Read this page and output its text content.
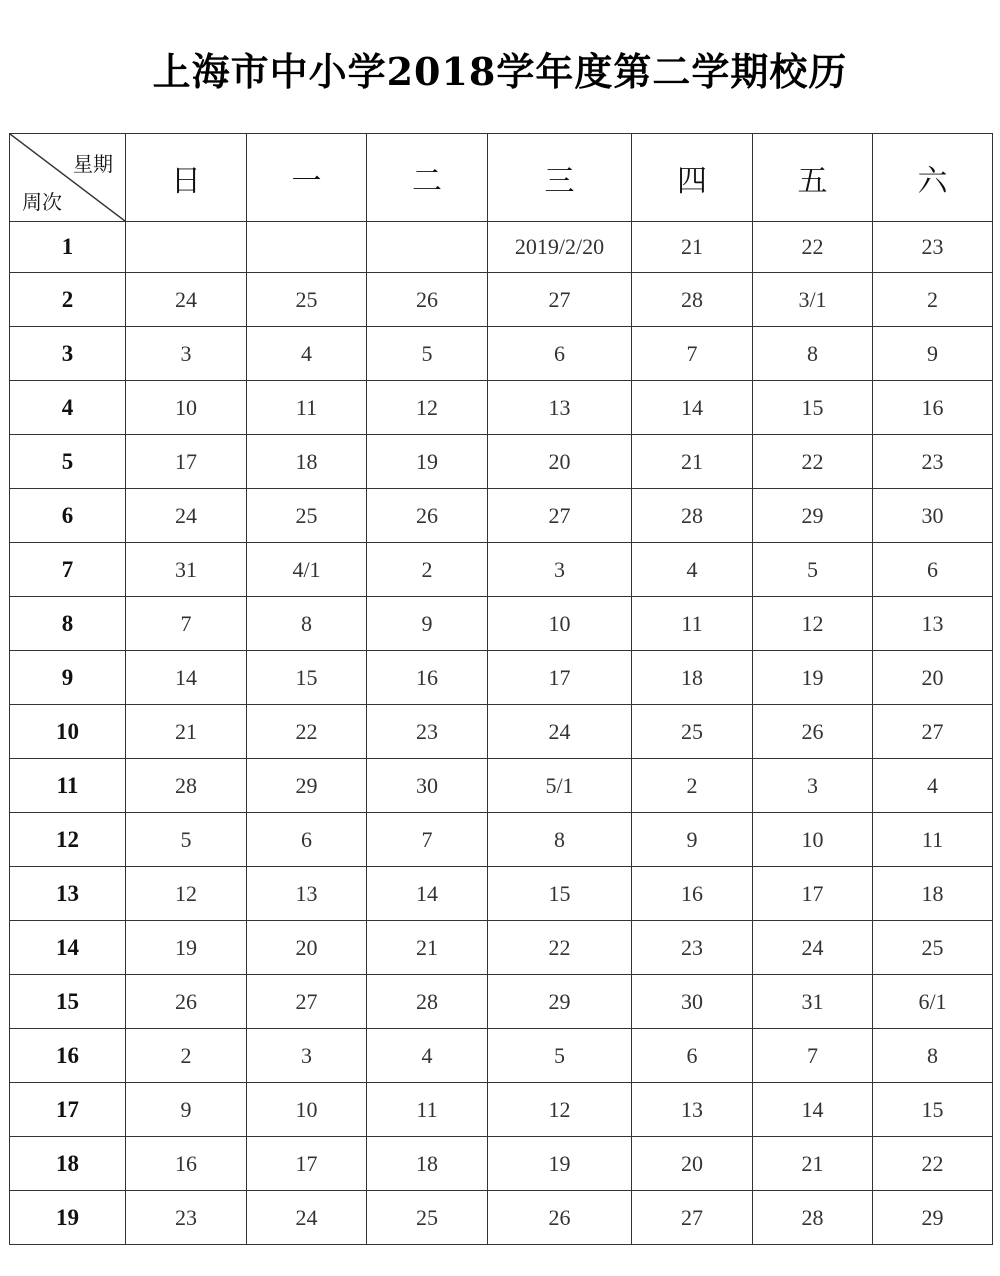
上海市中小学2018学年度第二学期校历
星期
周次	日	一	二	三	四	五	六
1				2019/2/20	21	22	23
2	24	25	26	27	28	3/1	2
3	3	4	5	6	7	8	9
4	10	11	12	13	14	15	16
5	17	18	19	20	21	22	23
6	24	25	26	27	28	29	30
7	31	4/1	2	3	4	5	6
8	7	8	9	10	11	12	13
9	14	15	16	17	18	19	20
10	21	22	23	24	25	26	27
11	28	29	30	5/1	2	3	4
12	5	6	7	8	9	10	11
13	12	13	14	15	16	17	18
14	19	20	21	22	23	24	25
15	26	27	28	29	30	31	6/1
16	2	3	4	5	6	7	8
17	9	10	11	12	13	14	15
18	16	17	18	19	20	21	22
19	23	24	25	26	27	28	29
